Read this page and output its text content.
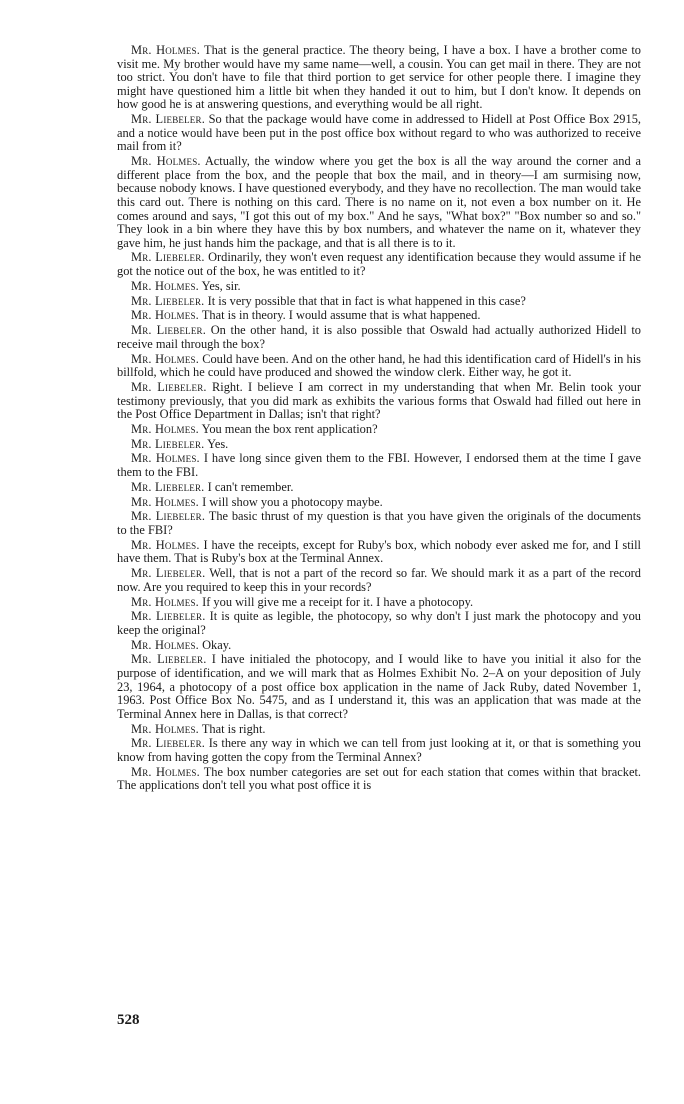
Mr. Holmes. That is the general practice. The theory being, I have a box. I have a brother come to visit me. My brother would have my same name—well, a cousin. You can get mail in there. They are not too strict. You don't have to file that third portion to get service for other people there. I imagine they might have questioned him a little bit when they handed it out to him, but I don't know. It depends on how good he is at answering questions, and everything would be all right.

Mr. Liebeler. So that the package would have come in addressed to Hidell at Post Office Box 2915, and a notice would have been put in the post office box without regard to who was authorized to receive mail from it?

Mr. Holmes. Actually, the window where you get the box is all the way around the corner and a different place from the box, and the people that box the mail, and in theory—I am surmising now, because nobody knows. I have questioned everybody, and they have no recollection. The man would take this card out. There is nothing on this card. There is no name on it, not even a box number on it. He comes around and says, "I got this out of my box." And he says, "What box?" "Box number so and so." They look in a bin where they have this by box numbers, and whatever the name on it, whatever they gave him, he just hands him the package, and that is all there is to it.

Mr. Liebeler. Ordinarily, they won't even request any identification because they would assume if he got the notice out of the box, he was entitled to it?

Mr. Holmes. Yes, sir.

Mr. Liebeler. It is very possible that that in fact is what happened in this case?

Mr. Holmes. That is in theory. I would assume that is what happened.

Mr. Liebeler. On the other hand, it is also possible that Oswald had actually authorized Hidell to receive mail through the box?

Mr. Holmes. Could have been. And on the other hand, he had this identification card of Hidell's in his billfold, which he could have produced and showed the window clerk. Either way, he got it.

Mr. Liebeler. Right. I believe I am correct in my understanding that when Mr. Belin took your testimony previously, that you did mark as exhibits the various forms that Oswald had filled out here in the Post Office Department in Dallas; isn't that right?

Mr. Holmes. You mean the box rent application?

Mr. Liebeler. Yes.

Mr. Holmes. I have long since given them to the FBI. However, I endorsed them at the time I gave them to the FBI.

Mr. Liebeler. I can't remember.

Mr. Holmes. I will show you a photocopy maybe.

Mr. Liebeler. The basic thrust of my question is that you have given the originals of the documents to the FBI?

Mr. Holmes. I have the receipts, except for Ruby's box, which nobody ever asked me for, and I still have them. That is Ruby's box at the Terminal Annex.

Mr. Liebeler. Well, that is not a part of the record so far. We should mark it as a part of the record now. Are you required to keep this in your records?

Mr. Holmes. If you will give me a receipt for it. I have a photocopy.

Mr. Liebeler. It is quite as legible, the photocopy, so why don't I just mark the photocopy and you keep the original?

Mr. Holmes. Okay.

Mr. Liebeler. I have initialed the photocopy, and I would like to have you initial it also for the purpose of identification, and we will mark that as Holmes Exhibit No. 2–A on your deposition of July 23, 1964, a photocopy of a post office box application in the name of Jack Ruby, dated November 1, 1963. Post Office Box No. 5475, and as I understand it, this was an application that was made at the Terminal Annex here in Dallas, is that correct?

Mr. Holmes. That is right.

Mr. Liebeler. Is there any way in which we can tell from just looking at it, or that is something you know from having gotten the copy from the Terminal Annex?

Mr. Holmes. The box number categories are set out for each station that comes within that bracket. The applications don't tell you what post office it is

528
